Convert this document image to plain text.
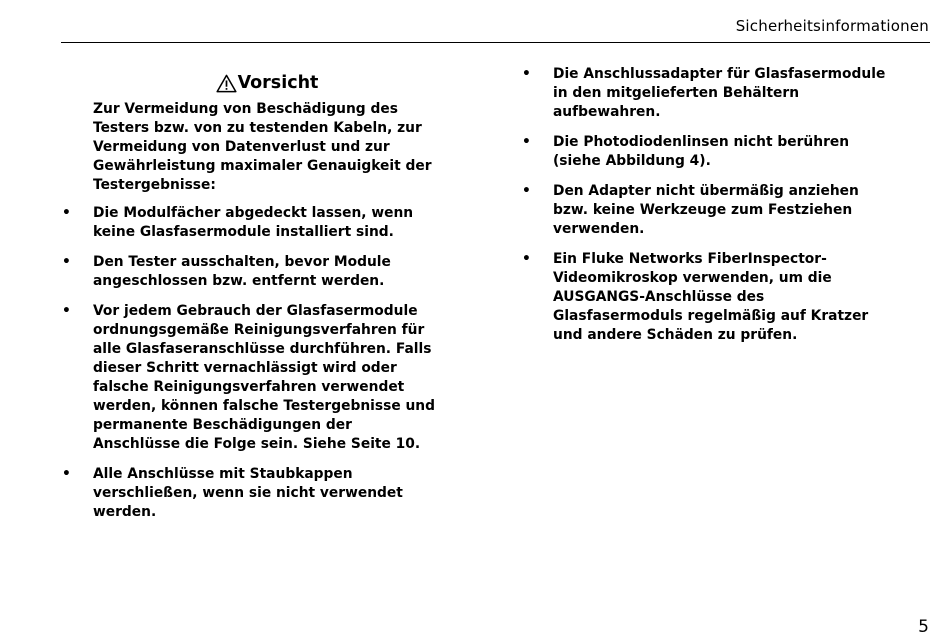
Sicherheitsinformationen
Vorsicht
Zur Vermeidung von Beschädigung des Testers bzw. von zu testenden Kabeln, zur Vermeidung von Datenverlust und zur Gewährleistung maximaler Genauigkeit der Testergebnisse:
• Die Modulfächer abgedeckt lassen, wenn keine Glasfasermodule installiert sind.
• Den Tester ausschalten, bevor Module angeschlossen bzw. entfernt werden.
• Vor jedem Gebrauch der Glasfasermodule ordnungsgemäße Reinigungsverfahren für alle Glasfaseranschlüsse durchführen. Falls dieser Schritt vernachlässigt wird oder falsche Reinigungsverfahren verwendet werden, können falsche Testergebnisse und permanente Beschädigungen der Anschlüsse die Folge sein. Siehe Seite 10.
• Alle Anschlüsse mit Staubkappen verschließen, wenn sie nicht verwendet werden.
• Die Anschlussadapter für Glasfasermodule in den mitgelieferten Behältern aufbewahren.
• Die Photodiodenlinsen nicht berühren (siehe Abbildung 4).
• Den Adapter nicht übermäßig anziehen bzw. keine Werkzeuge zum Festziehen verwenden.
• Ein Fluke Networks FiberInspector-Videomikroskop verwenden, um die AUSGANGS-Anschlüsse des Glasfasermoduls regelmäßig auf Kratzer und andere Schäden zu prüfen.
5
